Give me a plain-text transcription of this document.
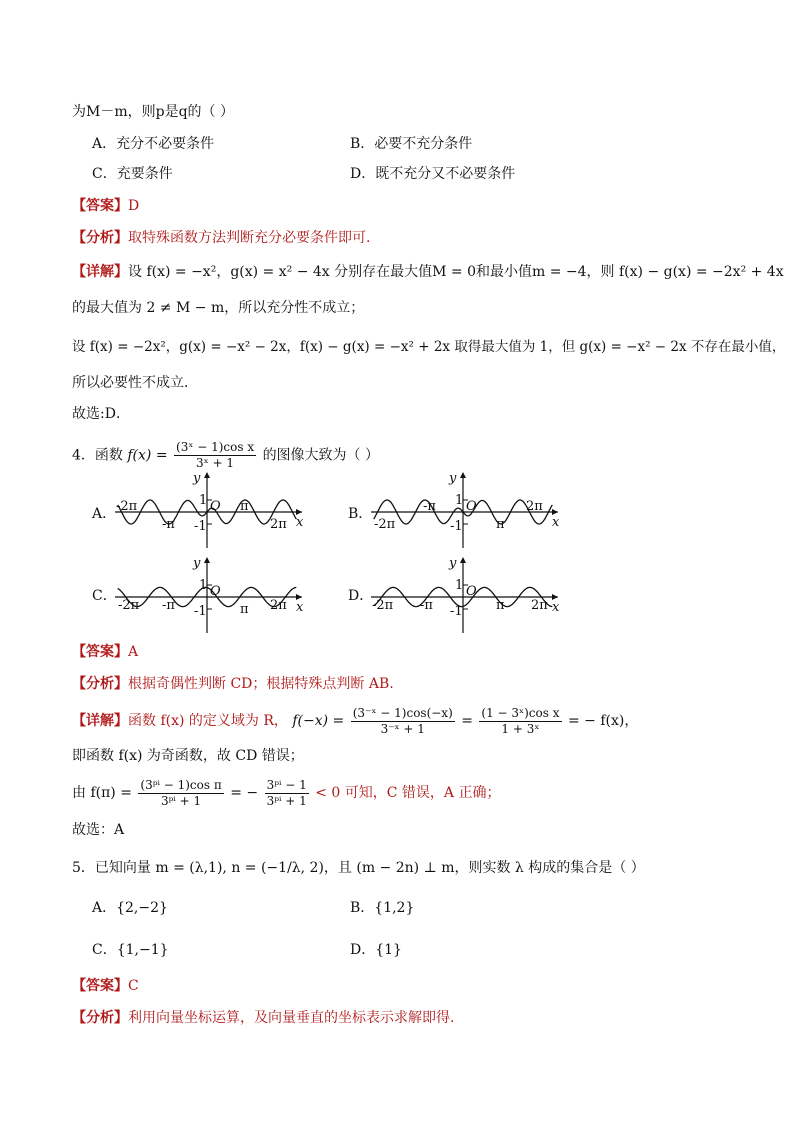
为M－m，则p是q的（ ）
A．充分不必要条件	B．必要不充分条件
C．充要条件	D．既不充分又不必要条件
【答案】D
【分析】取特殊函数方法判断充分必要条件即可.
【详解】设 f(x) = −x²，g(x) = x² − 4x 分别存在最大值M = 0和最小值m = −4，则 f(x) − g(x) = −2x² + 4x
的最大值为 2 ≠ M − m，所以充分性不成立；
设 f(x) = −2x²，g(x) = −x² − 2x，f(x) − g(x) = −x² + 2x 取得最大值为 1，但 g(x) = −x² − 2x 不存在最小值，
所以必要性不成立．
故选:D．
4．函数 $f(x) = \frac{\text{(3ˣ − 1)cos x}}{\text{3ˣ + 1}}$ 的图像大致为（ ）
A．
y
x
O
1
-1
-2π
-π
π
2π
B．
y
x
O
1
-1
-2π
-π
π
2π
C．
y
x
O
1
-1
-2π -π	π 2π
D．
y
x
O
1
-1
-2π -π	π 2π
【答案】A
【分析】根据奇偶性判断 CD；根据特殊点判断 AB.
【详解】函数 f(x) 的定义域为 R， $f(-x) = \frac{\text{(3⁻ˣ − 1)cos(−x)}}{\text{3⁻ˣ + 1}} = \frac{\text{(1 − 3ˣ)cos x}}{\text{1 + 3ˣ}}$ = − f(x)，
即函数 f(x) 为奇函数，故 CD 错误；
由 $f(\pi) = \frac{\text{(3ᵖⁱ − 1)cos π}}{\text{3ᵖⁱ + 1}}$ = − $\frac{\text{3ᵖⁱ − 1}}{\text{3ᵖⁱ + 1}} < 0$ 可知，C 错误，A 正确；
故选：A
5．已知向量 m = (λ,1), n = (−1/λ, 2)，且 (m − 2n) ⊥ m，则实数 λ 构成的集合是（ ）
A．{2,−2}	B．{1,2}
C．{1,−1}	D．{1}
【答案】C
【分析】利用向量坐标运算，及向量垂直的坐标表示求解即得.
